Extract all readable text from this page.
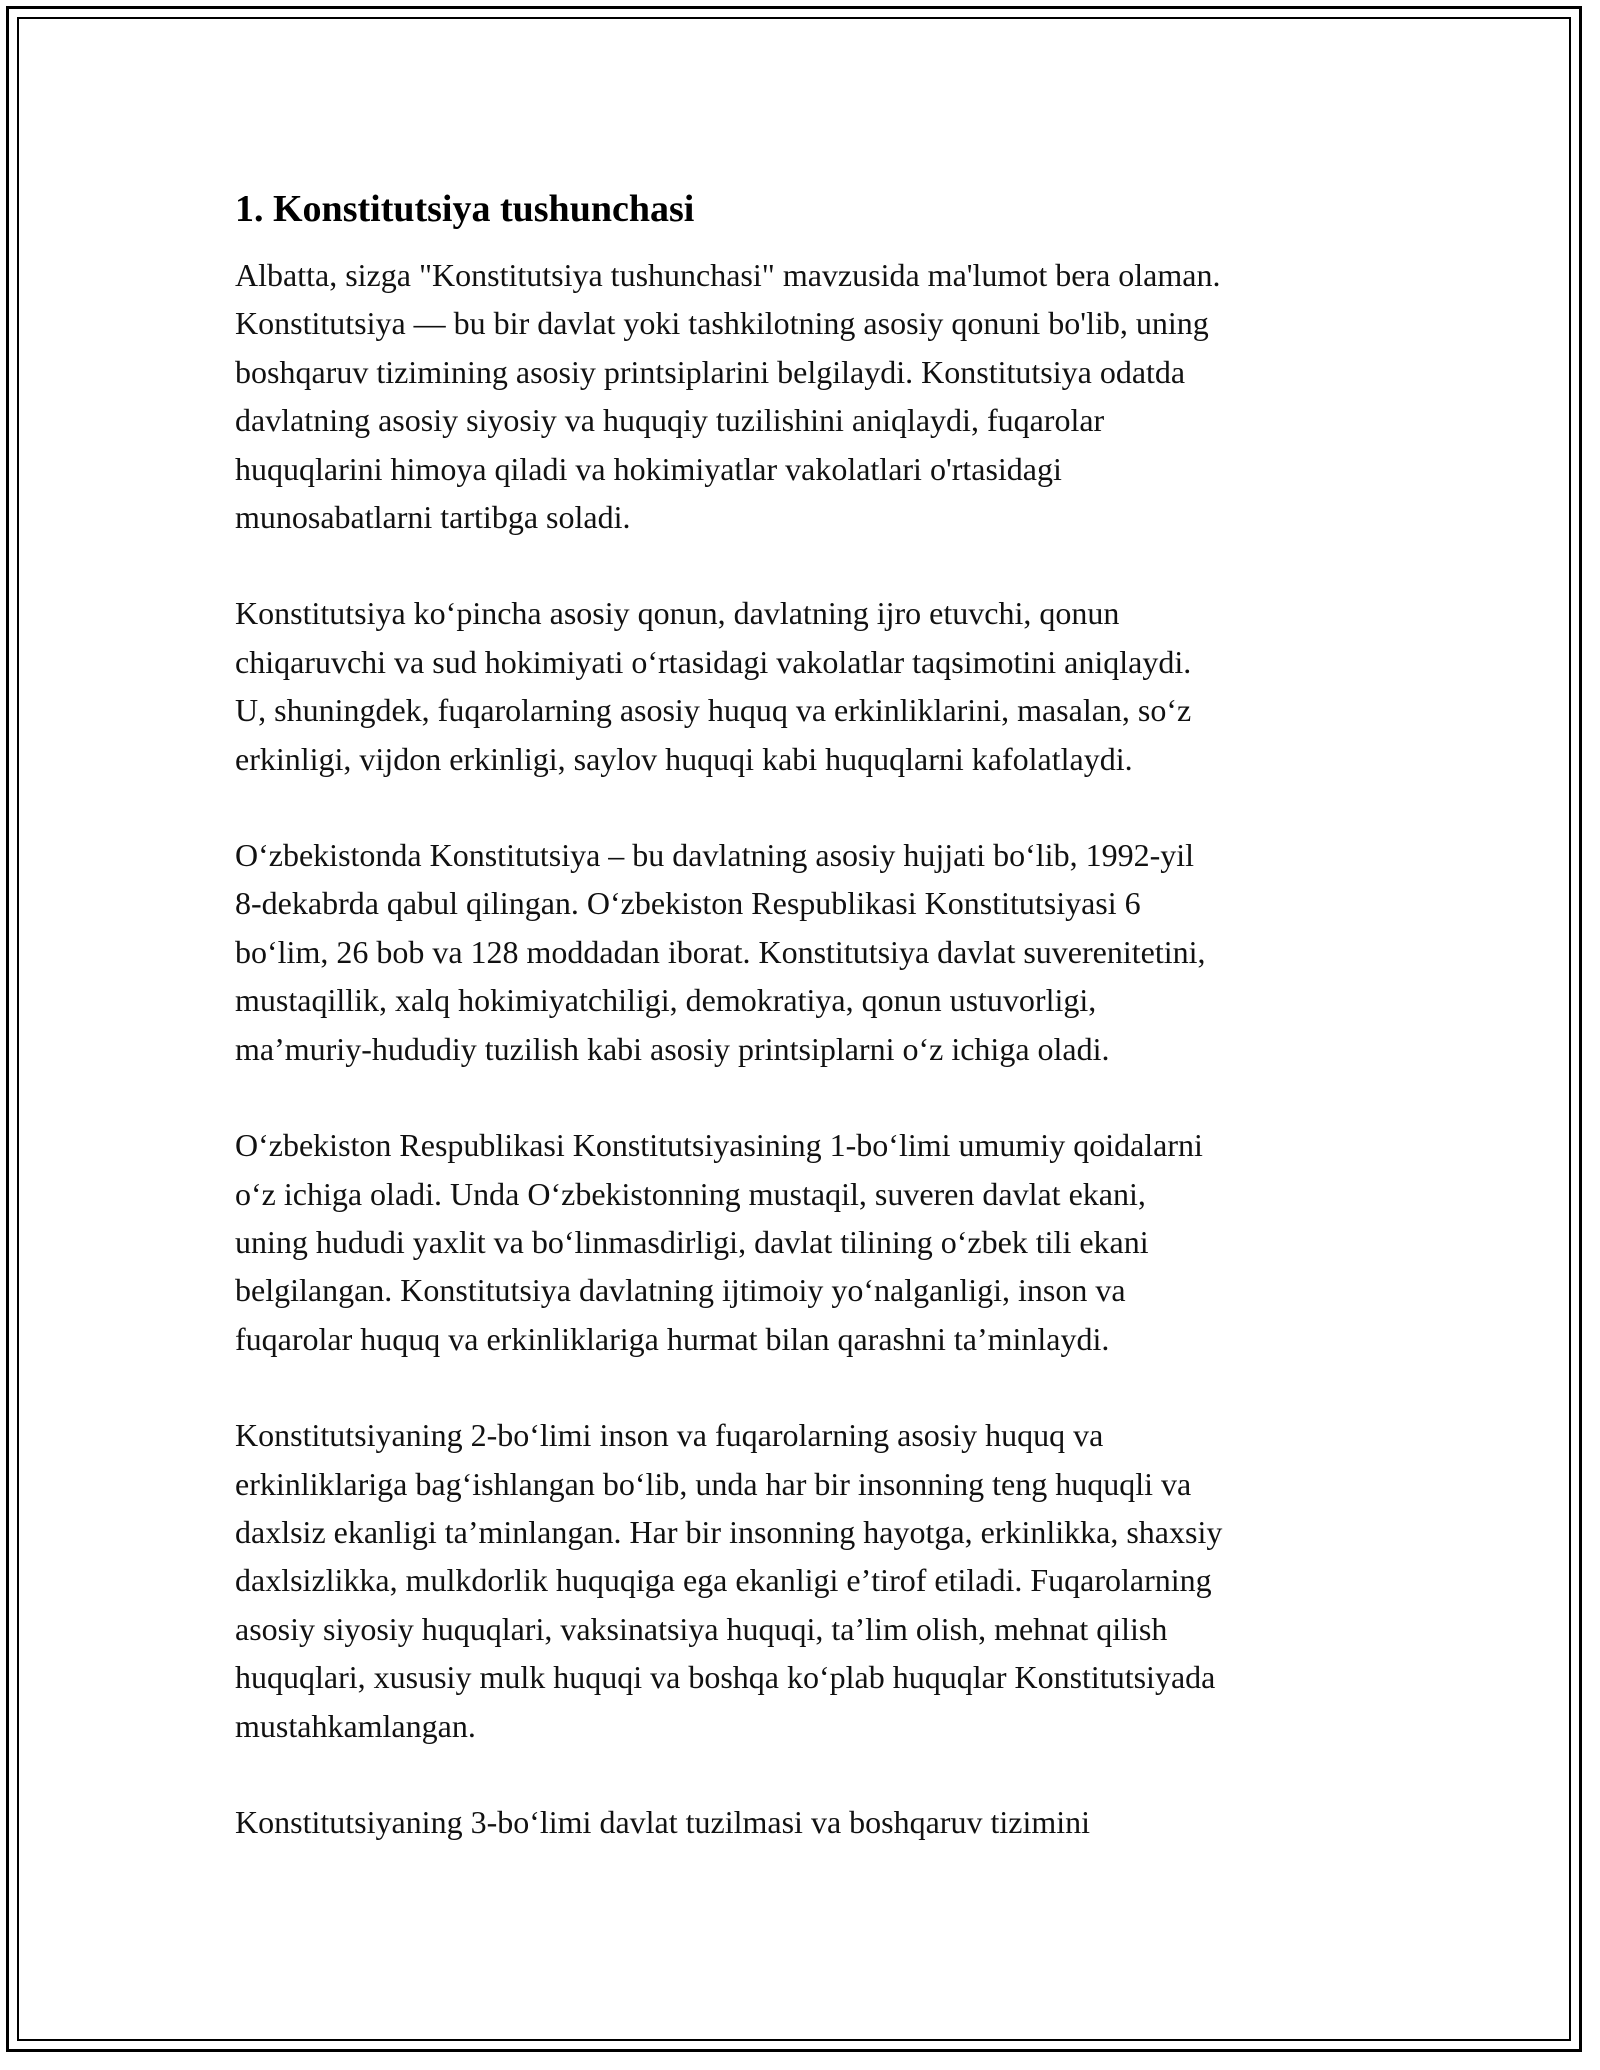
1. Konstitutsiya tushunchasi

Albatta, sizga "Konstitutsiya tushunchasi" mavzusida ma'lumot bera olaman.
Konstitutsiya — bu bir davlat yoki tashkilotning asosiy qonuni bo'lib, uning
boshqaruv tizimining asosiy printsiplarini belgilaydi. Konstitutsiya odatda
davlatning asosiy siyosiy va huquqiy tuzilishini aniqlaydi, fuqarolar
huquqlarini himoya qiladi va hokimiyatlar vakolatlari o'rtasidagi
munosabatlarni tartibga soladi.

Konstitutsiya koʻpincha asosiy qonun, davlatning ijro etuvchi, qonun
chiqaruvchi va sud hokimiyati oʻrtasidagi vakolatlar taqsimotini aniqlaydi.
U, shuningdek, fuqarolarning asosiy huquq va erkinliklarini, masalan, soʻz
erkinligi, vijdon erkinligi, saylov huquqi kabi huquqlarni kafolatlaydi.

Oʻzbekistonda Konstitutsiya – bu davlatning asosiy hujjati boʻlib, 1992-yil
8-dekabrda qabul qilingan. Oʻzbekiston Respublikasi Konstitutsiyasi 6
boʻlim, 26 bob va 128 moddadan iborat. Konstitutsiya davlat suverenitetini,
mustaqillik, xalq hokimiyatchiligi, demokratiya, qonun ustuvorligi,
maʼmuriy-hududiy tuzilish kabi asosiy printsiplarni oʻz ichiga oladi.

Oʻzbekiston Respublikasi Konstitutsiyasining 1-boʻlimi umumiy qoidalarni
oʻz ichiga oladi. Unda Oʻzbekistonning mustaqil, suveren davlat ekani,
uning hududi yaxlit va boʻlinmasdirligi, davlat tilining oʻzbek tili ekani
belgilangan. Konstitutsiya davlatning ijtimoiy yoʻnalganligi, inson va
fuqarolar huquq va erkinliklariga hurmat bilan qarashni taʼminlaydi.

Konstitutsiyaning 2-boʻlimi inson va fuqarolarning asosiy huquq va
erkinliklariga bagʻishlangan boʻlib, unda har bir insonning teng huquqli va
daxlsiz ekanligi taʼminlangan. Har bir insonning hayotga, erkinlikka, shaxsiy
daxlsizlikka, mulkdorlik huquqiga ega ekanligi eʼtirof etiladi. Fuqarolarning
asosiy siyosiy huquqlari, vaksinatsiya huquqi, taʼlim olish, mehnat qilish
huquqlari, xususiy mulk huquqi va boshqa koʻplab huquqlar Konstitutsiyada
mustahkamlangan.

Konstitutsiyaning 3-boʻlimi davlat tuzilmasi va boshqaruv tizimini
